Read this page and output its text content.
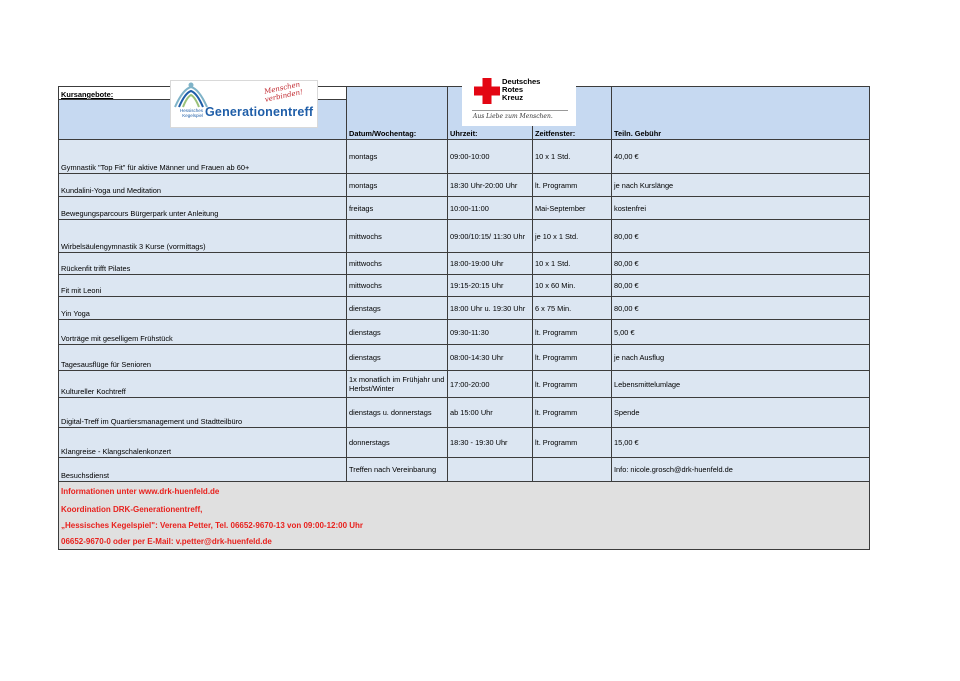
Kursangebote:				
	Datum/Wochentag:	Uhrzeit:	Zeitfenster:	Teiln. Gebühr
Gymnastik "Top Fit" für aktive Männer und Frauen ab 60+	montags	09:00-10:00	10 x 1 Std.	40,00 €
Kundalini-Yoga und Meditation	montags	18:30 Uhr-20:00 Uhr	lt. Programm	je nach Kurslänge
Bewegungsparcours Bürgerpark unter Anleitung	freitags	10:00-11:00	Mai-September	kostenfrei
Wirbelsäulengymnastik 3 Kurse (vormittags)	mittwochs	09:00/10:15/ 11:30 Uhr	je 10 x 1 Std.	80,00 €
Rückenfit trifft Pilates	mittwochs	18:00-19:00 Uhr	10 x 1 Std.	80,00 €
Fit mit Leoni	mittwochs	19:15-20:15 Uhr	10 x 60 Min.	80,00 €
Yin Yoga	dienstags	18:00 Uhr u. 19:30 Uhr	6 x 75 Min.	80,00 €
Vorträge mit geselligem Frühstück	dienstags	09:30-11:30	lt. Programm	5,00 €
Tagesausflüge für Senioren	dienstags	08:00-14:30 Uhr	lt. Programm	je nach Ausflug
Kultureller Kochtreff	1x monatlich im Frühjahr und Herbst/Winter	17:00-20:00	lt. Programm	Lebensmittelumlage
Digital-Treff im Quartiersmanagement und Stadtteilbüro	dienstags u. donnerstags	ab 15:00 Uhr	lt. Programm	Spende
Klangreise - Klangschalenkonzert	donnerstags	18:30 - 19:30 Uhr	lt. Programm	15,00 €
Besuchsdienst	Treffen nach Vereinbarung			Info: nicole.grosch@drk-huenfeld.de
Informationen unter www.drk-huenfeld.de				
Koordination DRK-Generationentreff,				
„Hessisches Kegelspiel": Verena Petter, Tel. 06652-9670-13 von 09:00-12:00 Uhr				
06652-9670-0 oder per E-Mail: v.petter@drk-huenfeld.de				
Hessisches Kegelspiel Generationentreff
Menschen verbinden!
Deutsches
Rotes
Kreuz
Aus Liebe zum Menschen.
